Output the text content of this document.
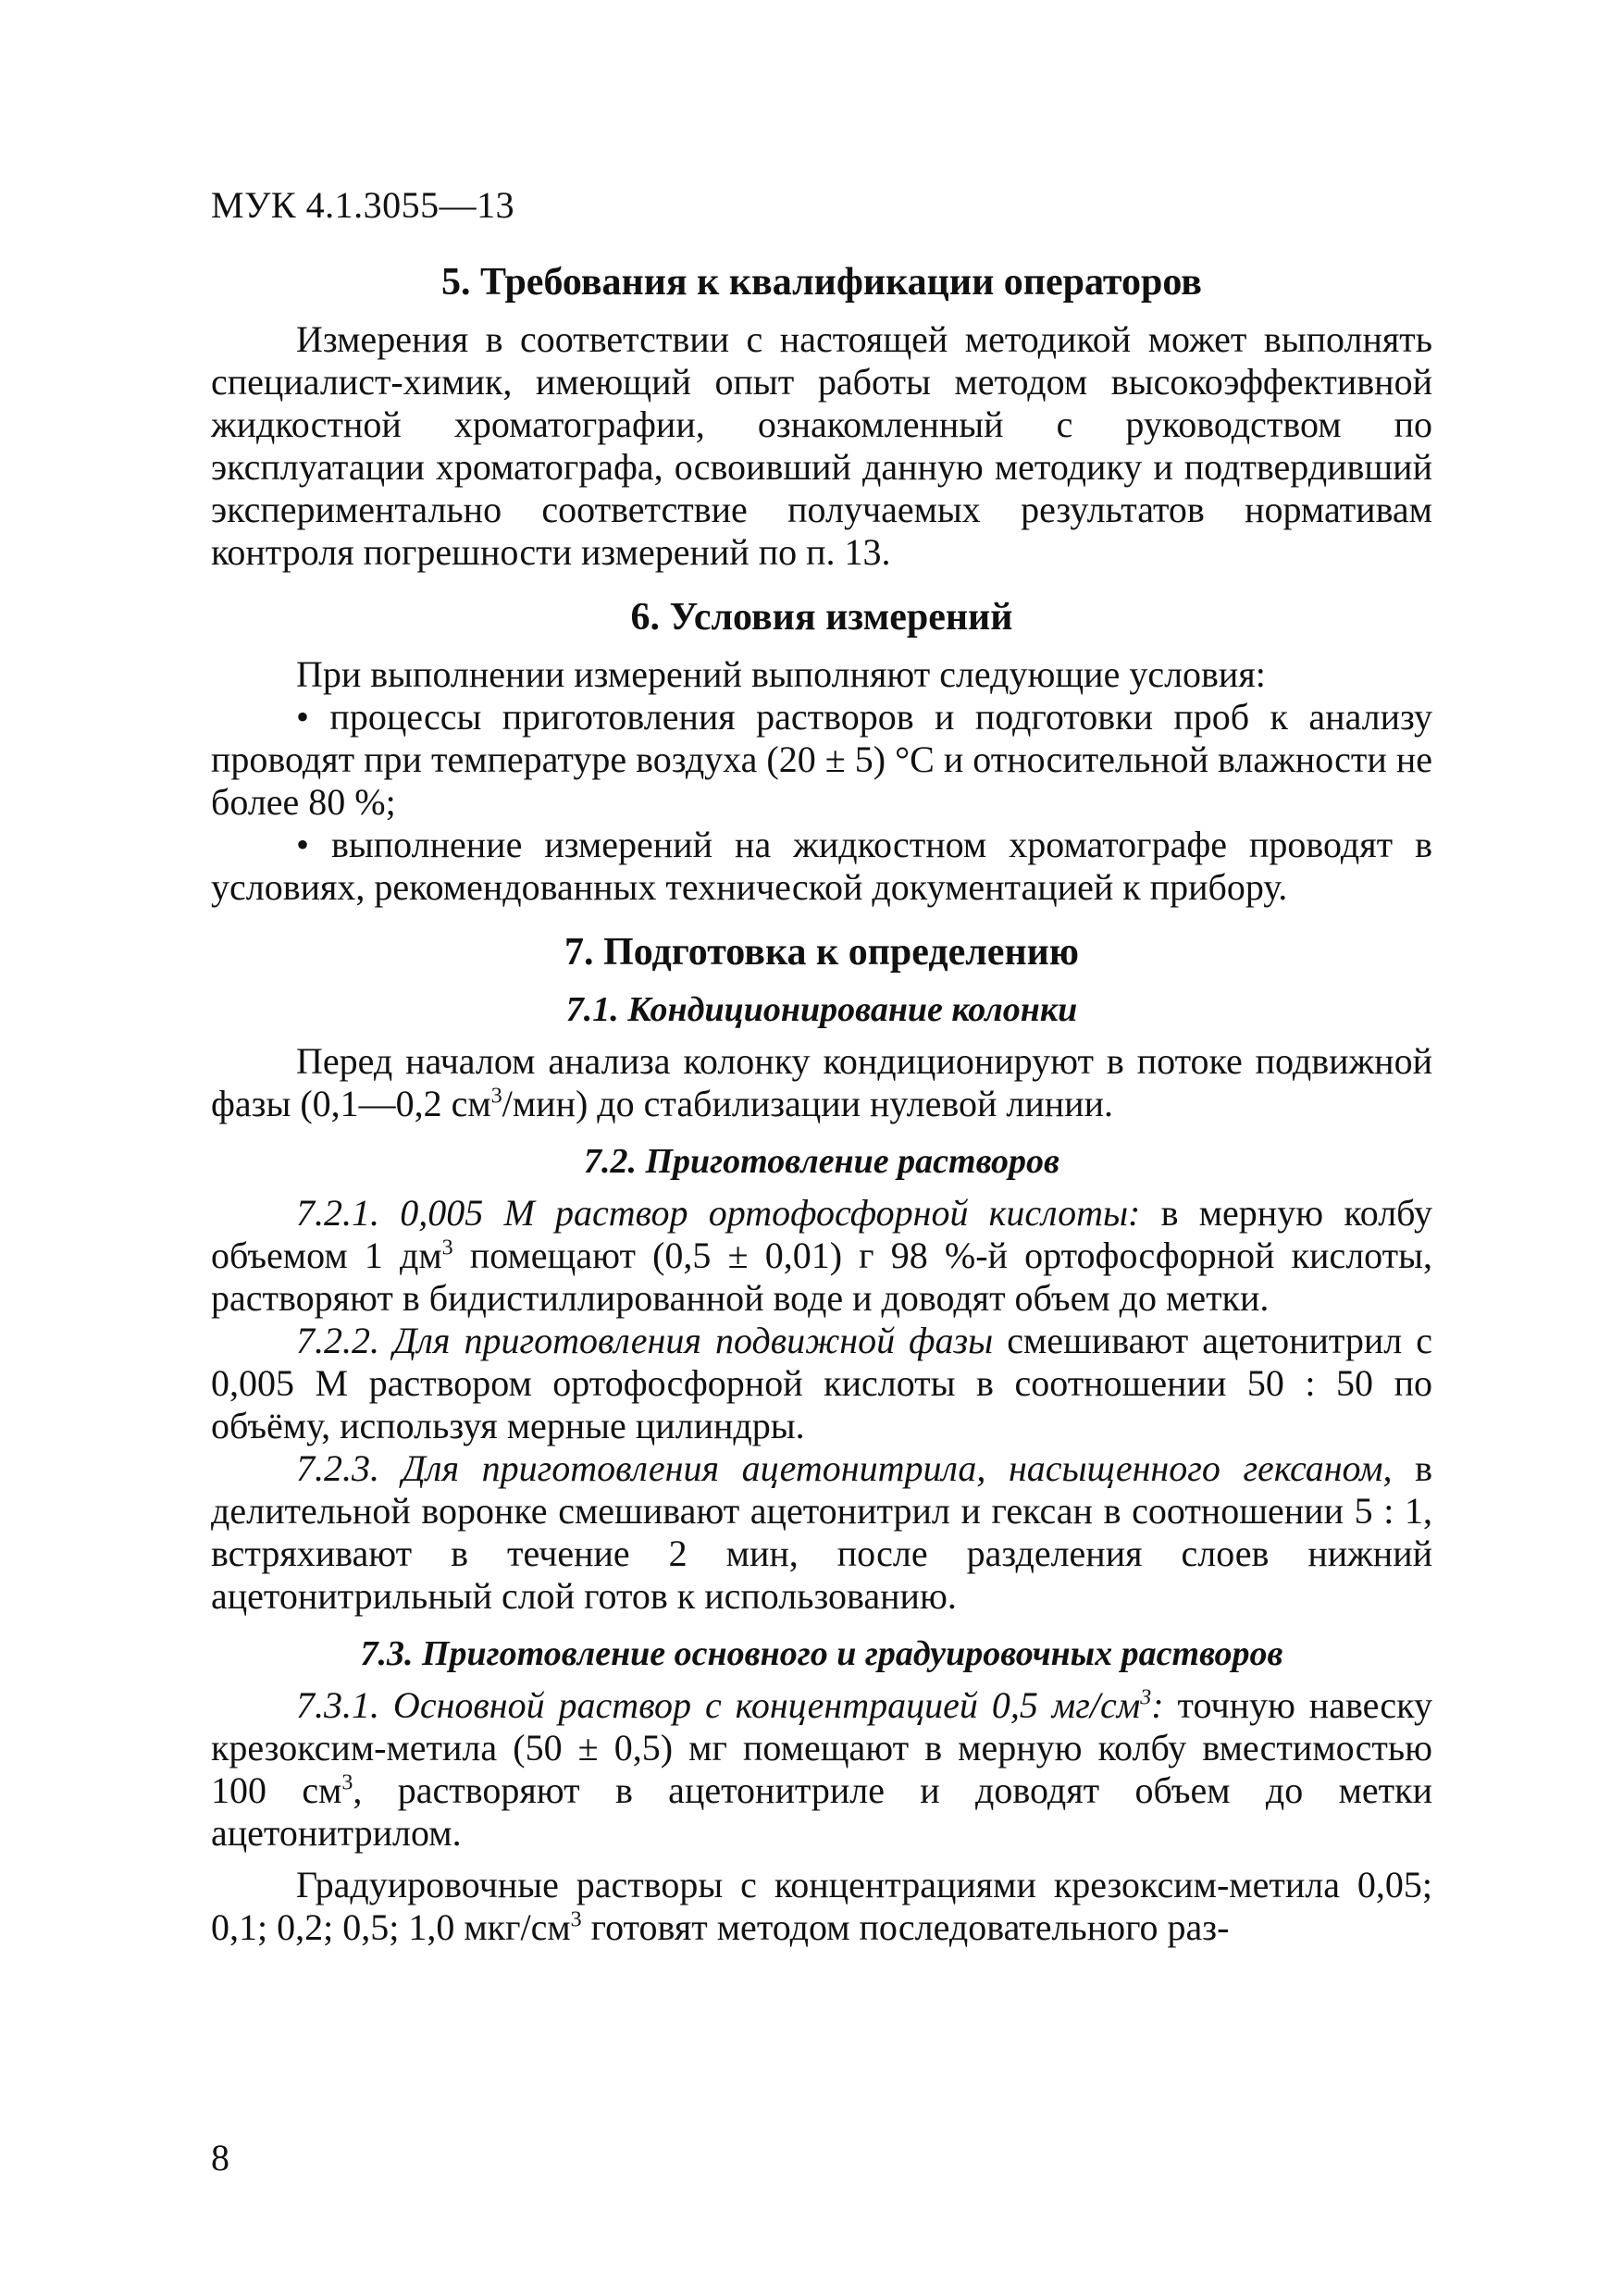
МУК 4.1.3055—13
5. Требования к квалификации операторов

Измерения в соответствии с настоящей методикой может выполнять специалист-химик, имеющий опыт работы методом высокоэффективной жидкостной хроматографии, ознакомленный с руководством по эксплуатации хроматографа, освоивший данную методику и подтвердивший экспериментально соответствие получаемых результатов нормативам контроля погрешности измерений по п. 13.

6. Условия измерений

При выполнении измерений выполняют следующие условия:

• процессы приготовления растворов и подготовки проб к анализу проводят при температуре воздуха (20 ± 5) °С и относительной влажности не более 80 %;

• выполнение измерений на жидкостном хроматографе проводят в условиях, рекомендованных технической документацией к прибору.

7. Подготовка к определению
7.1. Кондиционирование колонки

Перед началом анализа колонку кондиционируют в потоке подвижной фазы (0,1—0,2 $см^3/мин$) до стабилизации нулевой линии.

7.2. Приготовление растворов

7.2.1. 0,005 М раствор ортофосфорной кислоты: в мерную колбу объемом 1 $дм^3$ помещают (0,5 ± 0,01) г 98 %-й ортофосфорной кислоты, растворяют в бидистиллированной воде и доводят объем до метки.

7.2.2. Для приготовления подвижной фазы смешивают ацетонитрил с 0,005 М раствором ортофосфорной кислоты в соотношении 50 : 50 по объёму, используя мерные цилиндры.

7.2.3. Для приготовления ацетонитрила, насыщенного гексаном, в делительной воронке смешивают ацетонитрил и гексан в соотношении 5 : 1, встряхивают в течение 2 мин, после разделения слоев нижний ацетонитрильный слой готов к использованию.

7.3. Приготовление основного и градуировочных растворов

7.3.1. Основной раствор с концентрацией 0,5 $мг/см^3$: точную навеску крезоксим-метила (50 ± 0,5) мг помещают в мерную колбу вместимостью 100 $см^3$, растворяют в ацетонитриле и доводят объем до метки ацетонитрилом.

Градуировочные растворы с концентрациями крезоксим-метила 0,05; 0,1; 0,2; 0,5; 1,0 мкг/$см^3$ готовят методом последовательного раз-

8
